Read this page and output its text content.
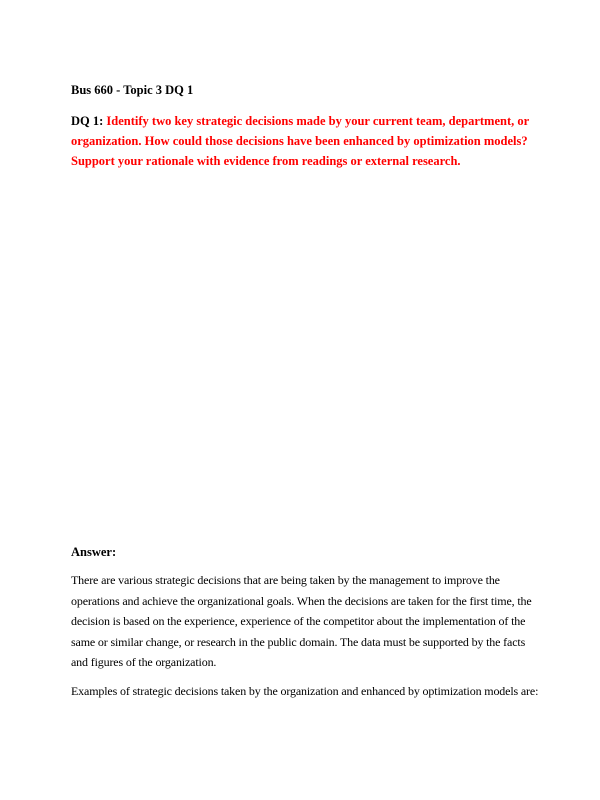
Bus 660 - Topic 3 DQ 1
DQ 1: Identify two key strategic decisions made by your current team, department, or organization. How could those decisions have been enhanced by optimization models? Support your rationale with evidence from readings or external research.
Answer:
There are various strategic decisions that are being taken by the management to improve the operations and achieve the organizational goals. When the decisions are taken for the first time, the decision is based on the experience, experience of the competitor about the implementation of the same or similar change, or research in the public domain. The data must be supported by the facts and figures of the organization.
Examples of strategic decisions taken by the organization and enhanced by optimization models are:
